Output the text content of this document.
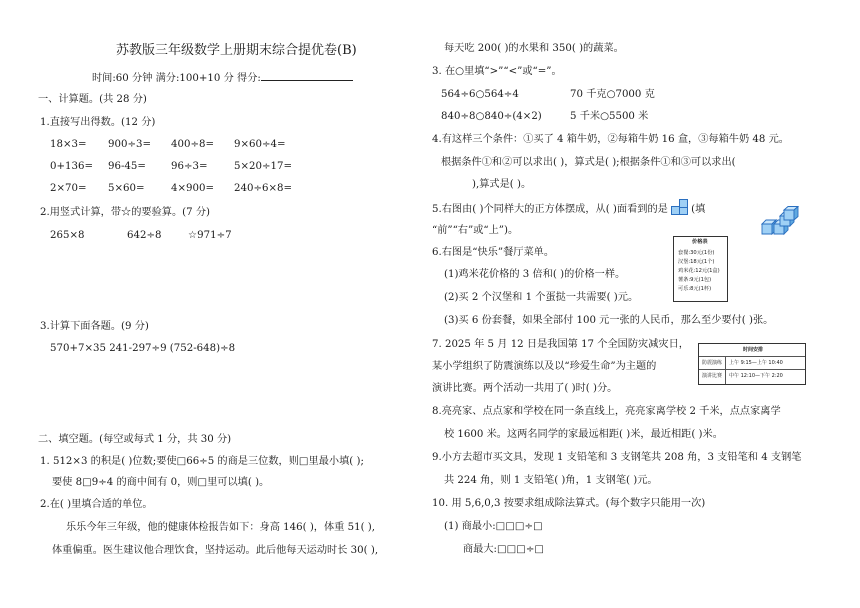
苏教版三年级数学上册期末综合提优卷(B)
时间:60 分钟 满分:100+10 分 得分:
一、计算题。(共 28 分)
1.直接写出得数。(12 分)
18×3= 900÷3= 400÷8= 9×60÷4=
0+136= 96-45= 96÷3=	5×20÷17=
2×70= 5×60=	4×900= 240÷6×8=
2.用竖式计算，带☆的要验算。(7 分)
265×8	642÷8	☆971÷7
3.计算下面各题。(9 分)
570+7×35 241-297÷9 (752-648)÷8
二、填空题。(每空或每式 1 分，共 30 分)
1. 512×3 的积是( )位数;要使□66÷5 的商是三位数，则□里最小填( );
要使 8□9÷4 的商中间有 0，则□里可以填( )。
2.在( )里填合适的单位。
乐乐今年三年级，他的健康体检报告如下：身高 146( )，体重 51( ),
体重偏重。医生建议他合理饮食，坚持运动。此后他每天运动时长 30( ),
每天吃 200( )的水果和 350( )的蔬菜。
3. 在○里填“>”“<”或“=”。
564÷6○564÷4	70 千克○7000 克
840÷8○840÷(4×2)	5 千米○5500 米
4.有这样三个条件：①买了 4 箱牛奶，②每箱牛奶 16 盒，③每箱牛奶 48 元。
根据条件①和②可以求出( )，算式是( );根据条件①和③可以求出(
),算式是( )。
5.右图由( )个同样大的正方体摆成，从( )面看到的是 (填
“前”“右”或“上”)。
6.右图是“快乐”餐厅菜单。
(1)鸡米花价格的 3 倍和( )的价格一样。
(2)买 2 个汉堡和 1 个蛋挞一共需要( )元。
(3)买 6 份套餐，如果全部付 100 元一张的人民币，那么至少要付( )张。
价格表
套餐:30元(1份)
汉堡:18元(1个)
鸡米花:12元(1盒)
薯条:9元(1包)
可乐:8元(1杯)
7. 2025 年 5 月 12 日是我国第 17 个全国防灾减灾日，
某小学组织了防震演练以及以“珍爱生命”为主题的
演讲比赛。两个活动一共用了( )时( )分。
时间安排
防震演练 上午 9:15—上午 10:40
演讲比赛 中午 12:10—下午 2:20
8.亮亮家、点点家和学校在同一条直线上，亮亮家离学校 2 千米，点点家离学
校 1600 米。这两名同学的家最远相距( )米，最近相距( )米。
9.小方去超市买文具，发现 1 支铅笔和 3 支钢笔共 208 角，3 支铅笔和 4 支钢笔
共 224 角，则 1 支铅笔( )角，1 支钢笔( )元。
10. 用 5,6,0,3 按要求组成除法算式。(每个数字只能用一次)
(1) 商最小:□□□÷□
商最大:□□□÷□
